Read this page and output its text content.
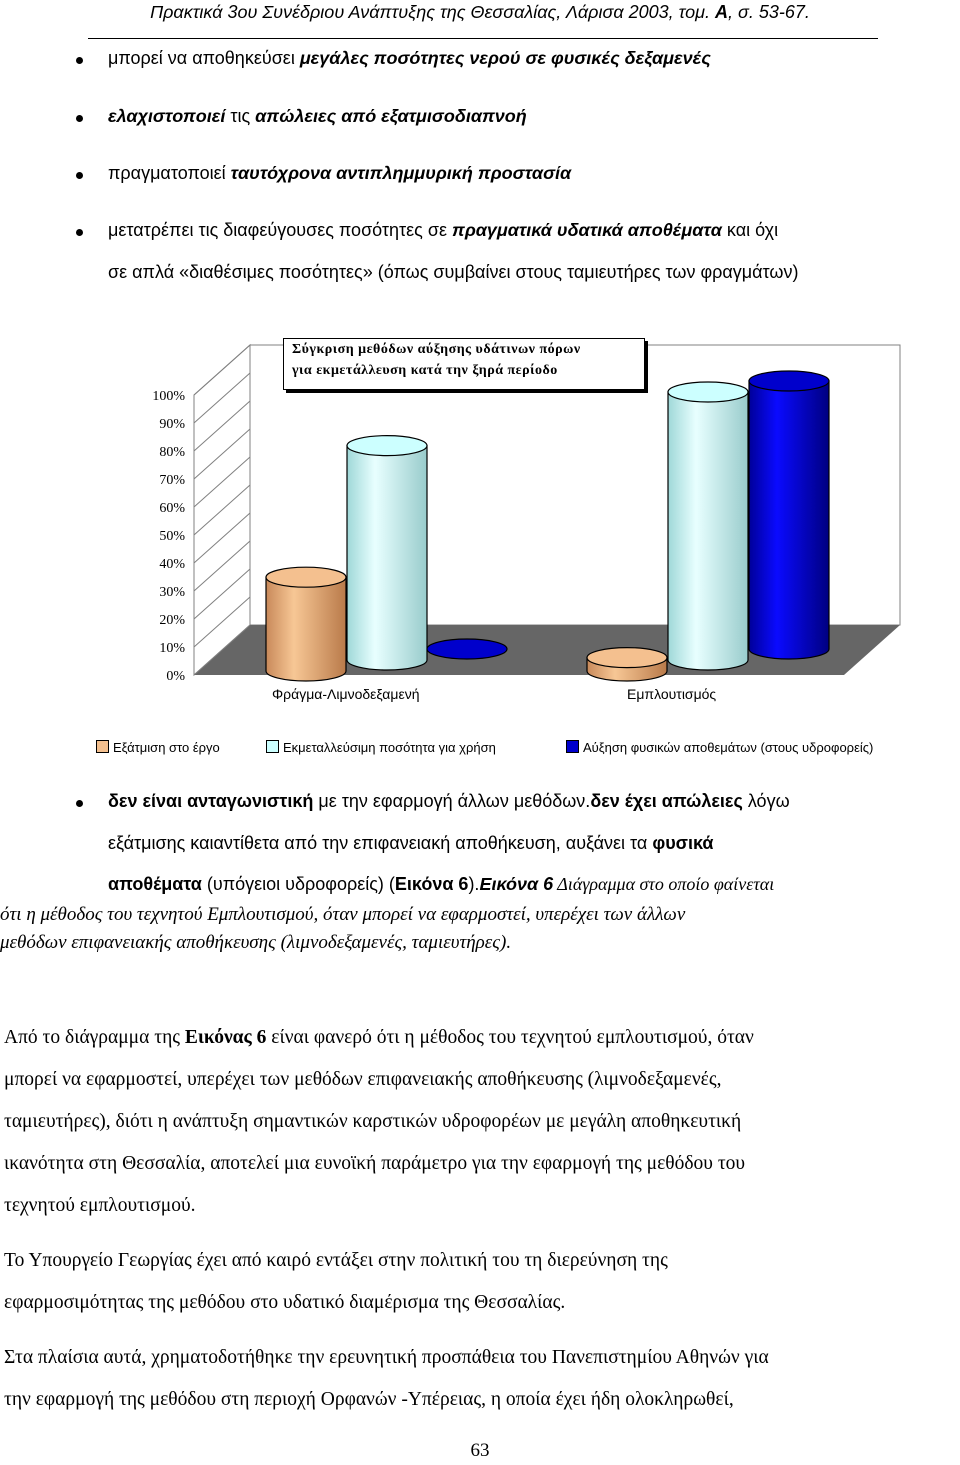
Πρακτικά 3ου Συνέδριου Ανάπτυξης της Θεσσαλίας, Λάρισα 2003, τομ. A, σ. 53-67.
μπορεί να αποθηκεύσει μεγάλες ποσότητες νερού σε φυσικές δεξαμενές
ελαχιστοποιεί τις απώλειες από εξατμισοδιαπνοή
πραγματοποιεί ταυτόχρονα αντιπλημμυρική προστασία
μετατρέπει τις διαφεύγουσες ποσότητες σε πραγματικά υδατικά αποθέματα και όχι
σε απλά «διαθέσιμες ποσότητες» (όπως συμβαίνει στους ταμιευτήρες των φραγμάτων)
100%
90%
80%
70%
60%
50%
40%
30%
20%
10%
0%
Σύγκριση μεθόδων αύξησης υδάτινων πόρων
για εκμετάλλευση κατά την ξηρά περίοδο
Φράγμα-Λιμνοδεξαμενή	Εμπλουτισμός
Εξάτμιση στο έργο	Εκμεταλλεύσιμη ποσότητα για χρήση	Αύξηση φυσικών αποθεμάτων (στους υδροφορείς)
δεν είναι ανταγωνιστική με την εφαρμογή άλλων μεθόδων.δεν έχει απώλειες λόγω
εξάτμισης καιαντίθετα από την επιφανειακή αποθήκευση, αυξάνει τα φυσικά
αποθέματα (υπόγειοι υδροφορείς) (Εικόνα 6).Εικόνα 6 Διάγραμμα στο οποίο φαίνεται
ότι η μέθοδος του τεχνητού Εμπλουτισμού, όταν μπορεί να εφαρμοστεί, υπερέχει των άλλων
μεθόδων επιφανειακής αποθήκευσης (λιμνοδεξαμενές, ταμιευτήρες).
Από το διάγραμμα της Εικόνας 6 είναι φανερό ότι η μέθοδος του τεχνητού εμπλουτισμού, όταν
μπορεί να εφαρμοστεί, υπερέχει των μεθόδων επιφανειακής αποθήκευσης (λιμνοδεξαμενές,
ταμιευτήρες), διότι η ανάπτυξη σημαντικών καρστικών υδροφορέων με μεγάλη αποθηκευτική
ικανότητα στη Θεσσαλία, αποτελεί μια ευνοϊκή παράμετρο για την εφαρμογή της μεθόδου του
τεχνητού εμπλουτισμού.
Το Υπουργείο Γεωργίας έχει από καιρό εντάξει στην πολιτική του τη διερεύνηση της
εφαρμοσιμότητας της μεθόδου στο υδατικό διαμέρισμα της Θεσσαλίας.
Στα πλαίσια αυτά, χρηματοδοτήθηκε την ερευνητική προσπάθεια του Πανεπιστημίου Αθηνών για
την εφαρμογή της μεθόδου στη περιοχή Ορφανών -Υπέρειας, η οποία έχει ήδη ολοκληρωθεί,
63
